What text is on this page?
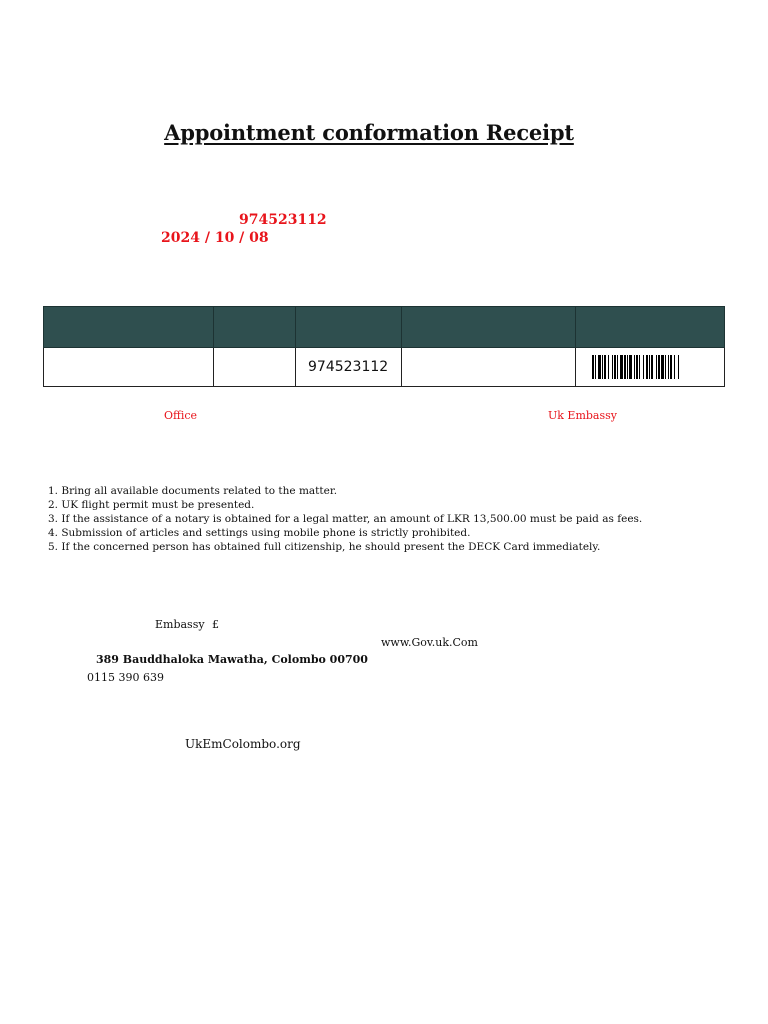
Appointment conformation Receipt
974523112
2024 / 10 / 08

		974523112		
Office	Uk Embassy
1. Bring all available documents related to the matter.
2. UK flight permit must be presented.
3. If the assistance of a notary is obtained for a legal matter, an amount of LKR 13,500.00 must be paid as fees.
4. Submission of articles and settings using mobile phone is strictly prohibited.
5. If the concerned person has obtained full citizenship, he should present the DECK Card immediately.
Embassy £
www.Gov.uk.Com
389 Bauddhaloka Mawatha, Colombo 00700
0115 390 639
UkEmColombo.org
